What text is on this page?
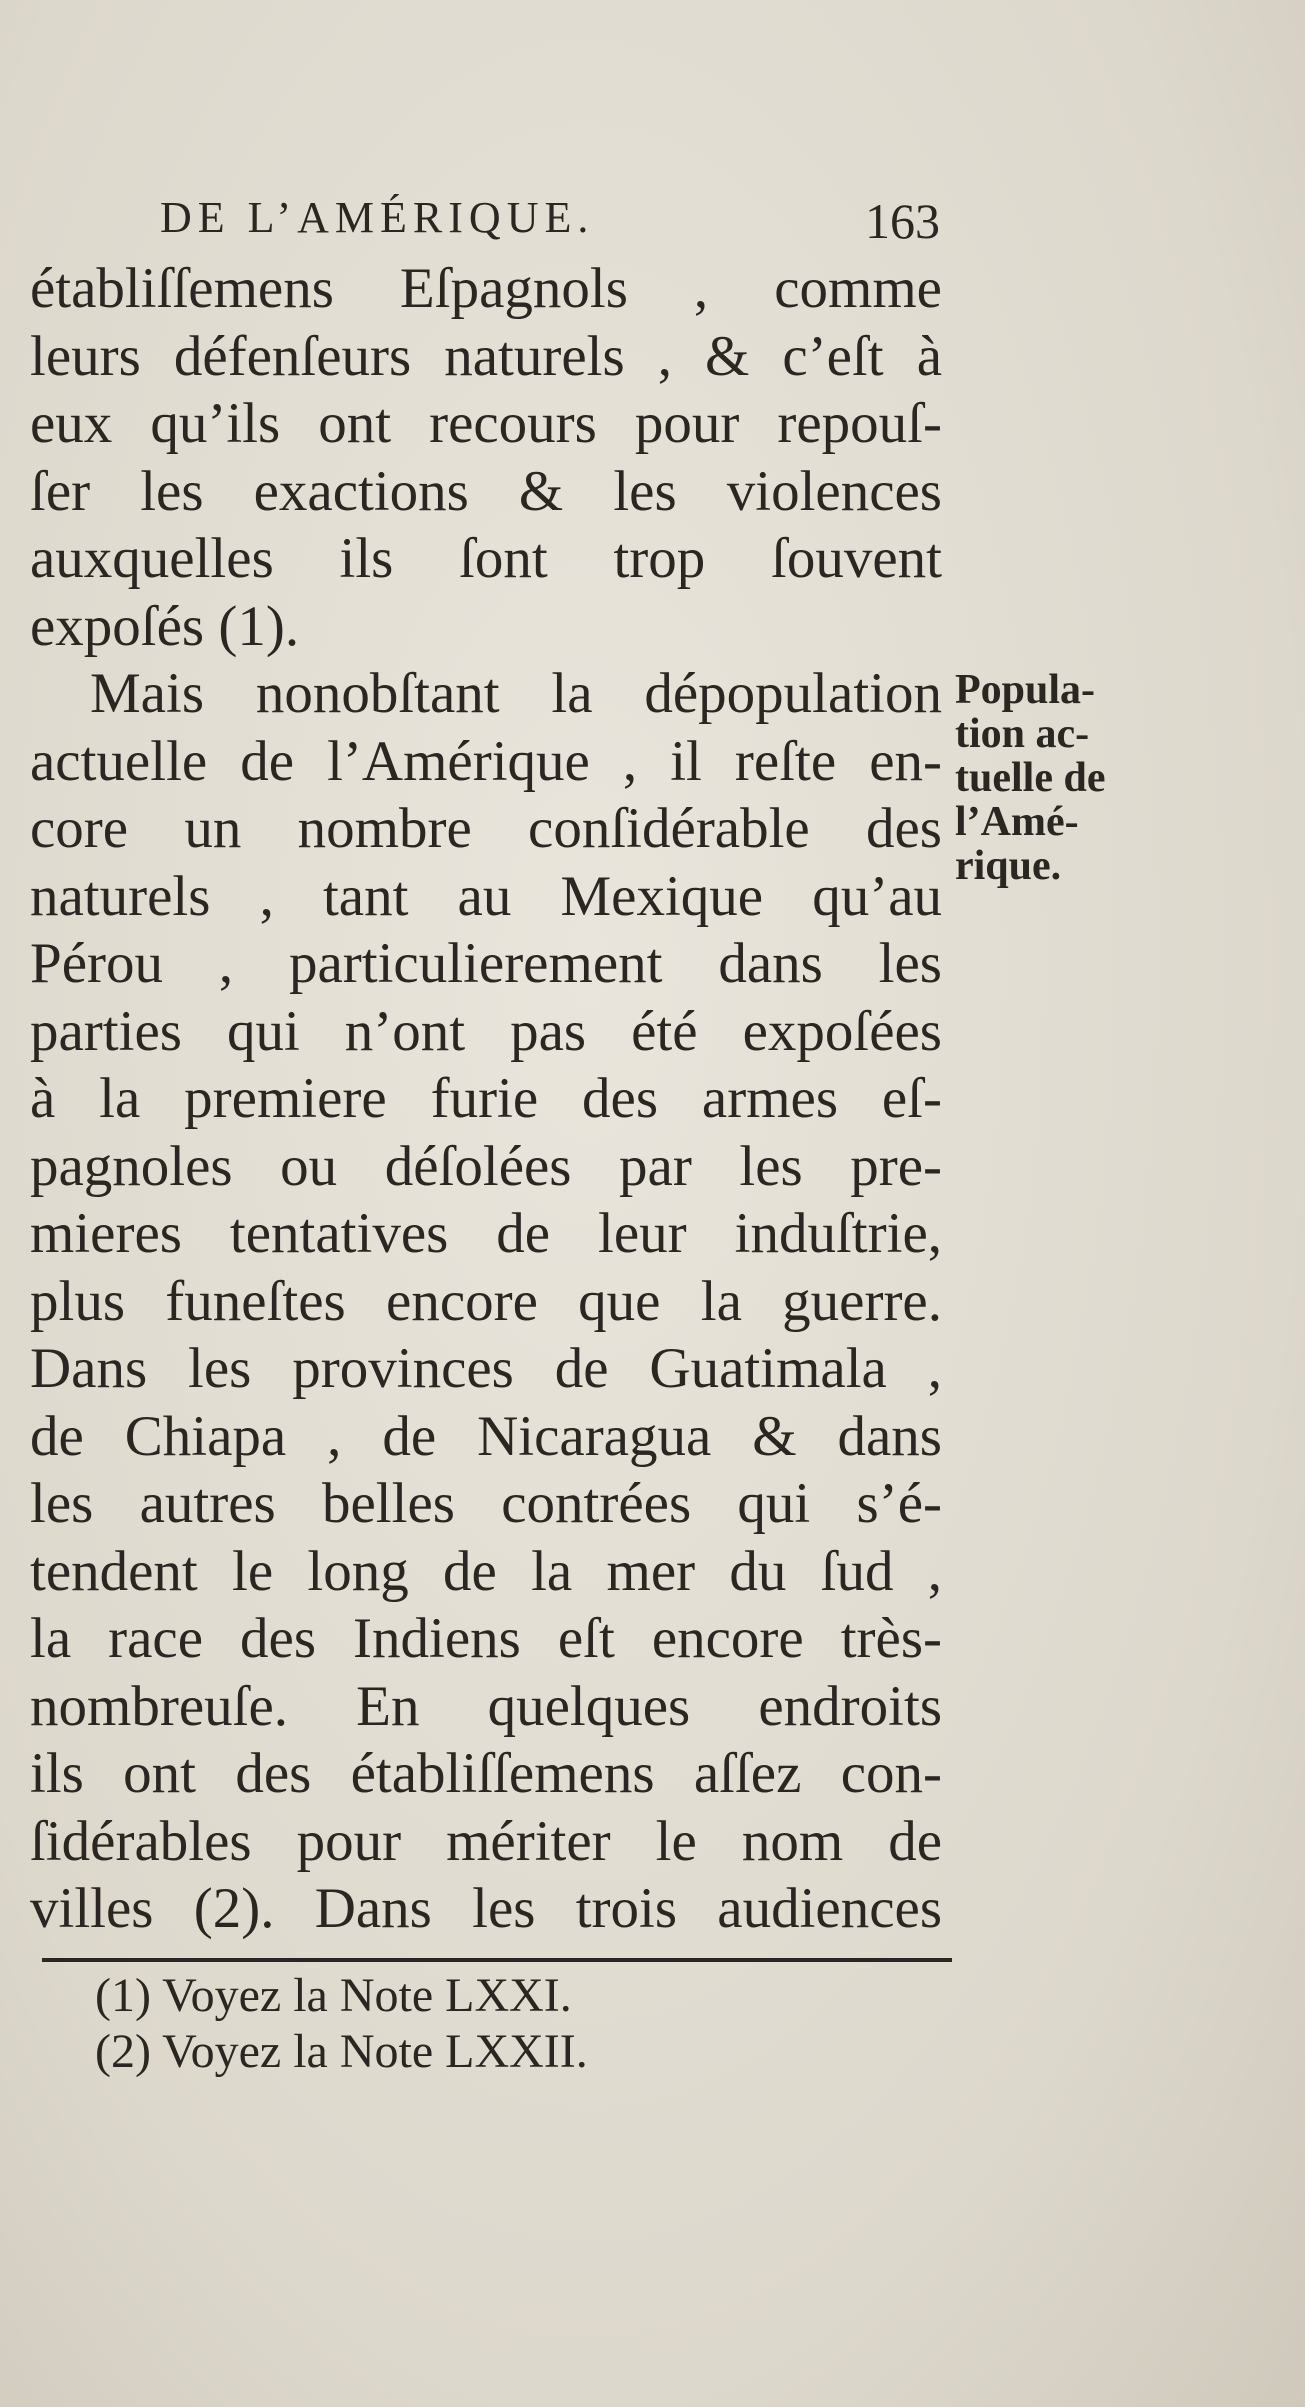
DE L’AMÉRIQUE.	163
établiſſemens Eſpagnols , comme
leurs défenſeurs naturels , & c’eſt à
eux qu’ils ont recours pour repouſ-
ſer les exactions & les violences
auxquelles ils ſont trop ſouvent
expoſés (1).
Mais nonobſtant la dépopulation
actuelle de l’Amérique , il reſte en-
core un nombre conſidérable des
naturels , tant au Mexique qu’au
Pérou , particulierement dans les
parties qui n’ont pas été expoſées
à la premiere furie des armes eſ-
pagnoles ou déſolées par les pre-
mieres tentatives de leur induſtrie,
plus funeſtes encore que la guerre.
Dans les provinces de Guatimala ,
de Chiapa , de Nicaragua & dans
les autres belles contrées qui s’é-
tendent le long de la mer du ſud ,
la race des Indiens eſt encore très-
nombreuſe. En quelques endroits
ils ont des établiſſemens aſſez con-
ſidérables pour mériter le nom de
villes (2). Dans les trois audiences
Popula-
tion ac-
tuelle de
l’Amé-
rique.
(1) Voyez la Note LXXI.
(2) Voyez la Note LXXII.
